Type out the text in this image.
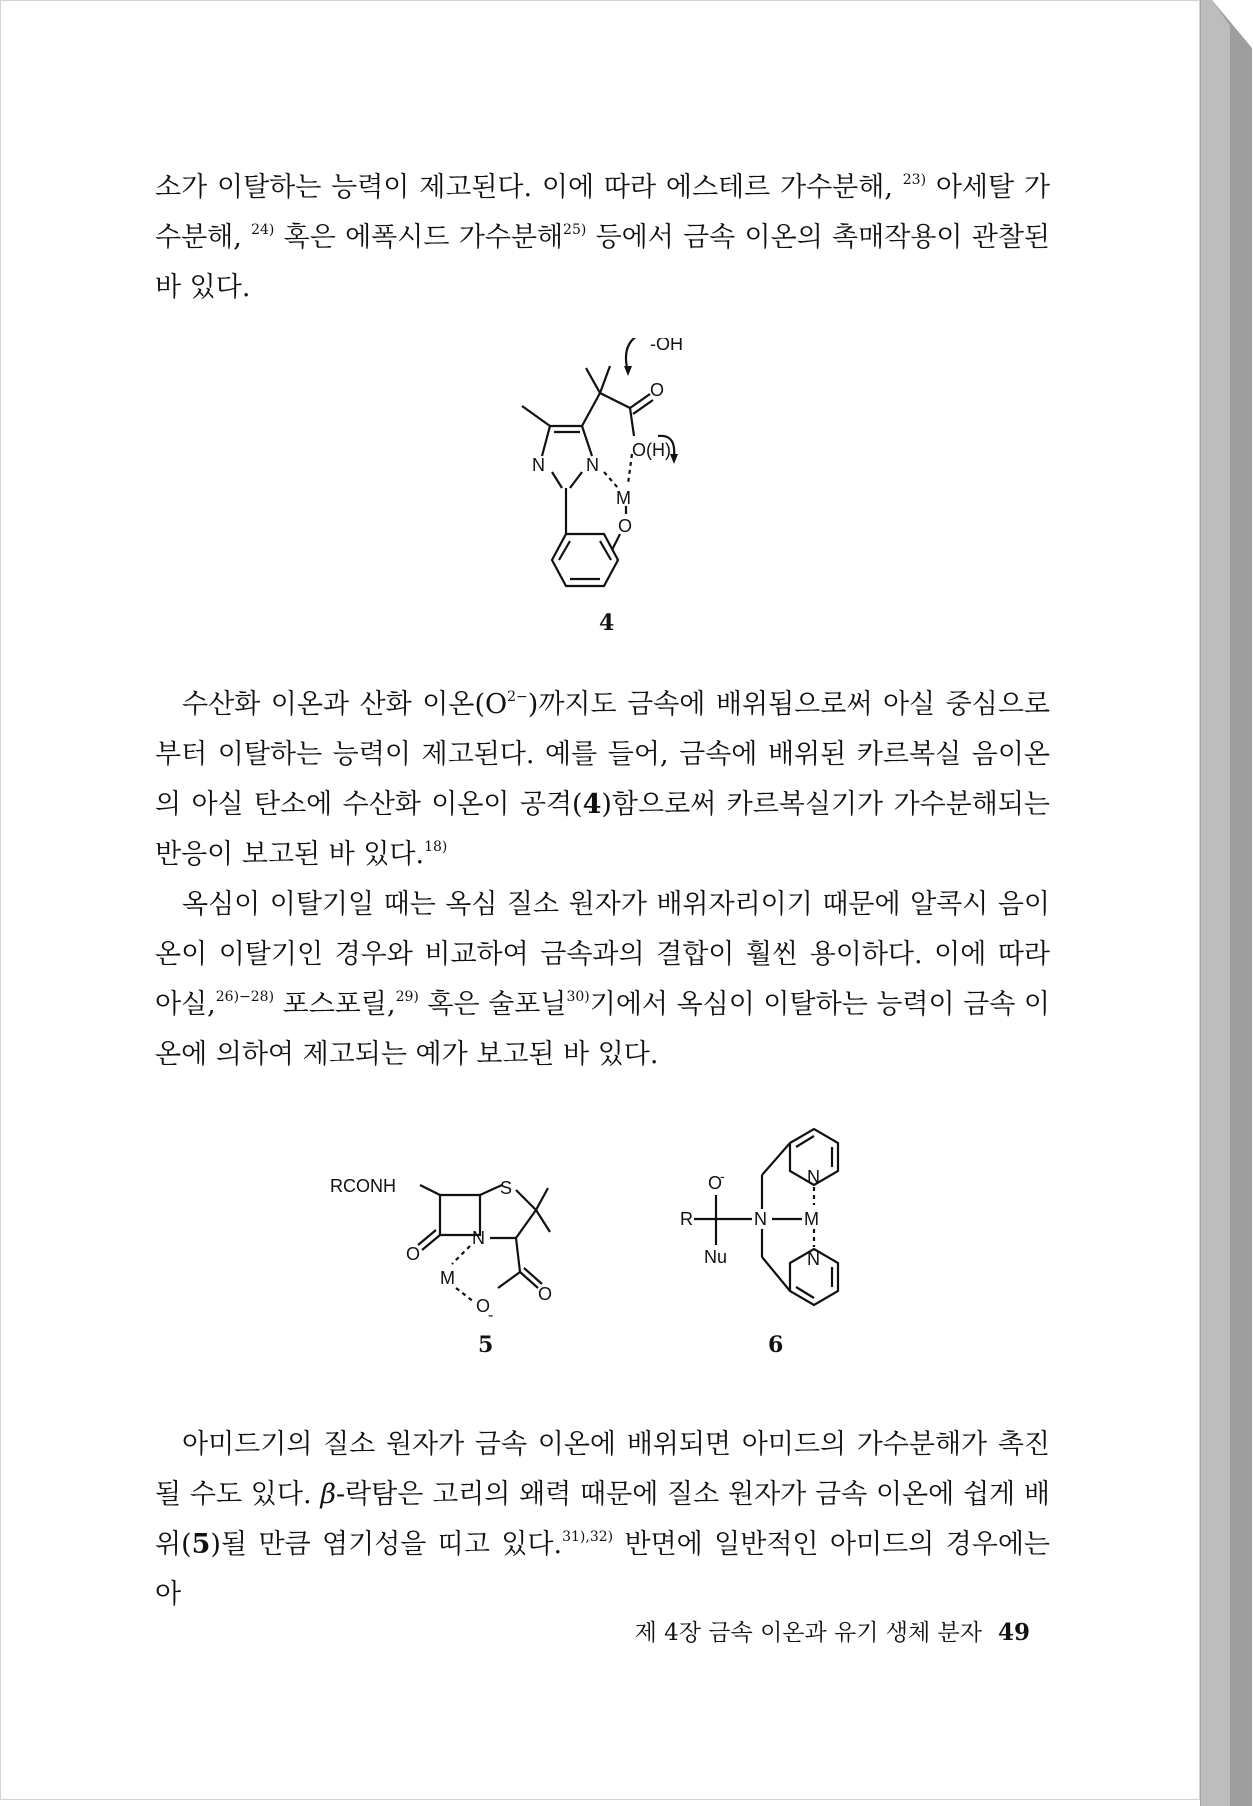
소가 이탈하는 능력이 제고된다. 이에 따라 에스테르 가수분해, $^{23)}$ 아세탈 가수분해, $^{24)}$ 혹은 에폭시드 가수분해$^{25)}$ 등에서 금속 이온의 촉매작용이 관찰된 바 있다.

-OH
O
O(H)
N N
M
O
4

수산화 이온과 산화 이온$(O^{2-})$까지도 금속에 배위됨으로써 아실 중심으로부터 이탈하는 능력이 제고된다. 예를 들어, 금속에 배위된 카르복실 음이온의 아실 탄소에 수산화 이온이 공격(4)함으로써 카르복실기가 가수분해되는 반응이 보고된 바 있다.$^{18)}$

옥심이 이탈기일 때는 옥심 질소 원자가 배위자리이기 때문에 알콕시 음이온이 이탈기인 경우와 비교하여 금속과의 결합이 훨씬 용이하다. 이에 따라 아실,$^{26)-28)}$ 포스포릴,$^{29)}$ 혹은 술포닐$^{30)}$기에서 옥심이 이탈하는 능력이 금속 이온에 의하여 제고되는 예가 보고된 바 있다.

RCONH	S
N
O
M
O
-
O
5
O
-
R	N M
Nu
N
N
6

아미드기의 질소 원자가 금속 이온에 배위되면 아미드의 가수분해가 촉진될 수도 있다. β-락탐은 고리의 왜력 때문에 질소 원자가 금속 이온에 쉽게 배위(5)될 만큼 염기성을 띠고 있다.$^{31),32)}$ 반면에 일반적인 아미드의 경우에는 아

제 4장 금속 이온과 유기 생체 분자 49
